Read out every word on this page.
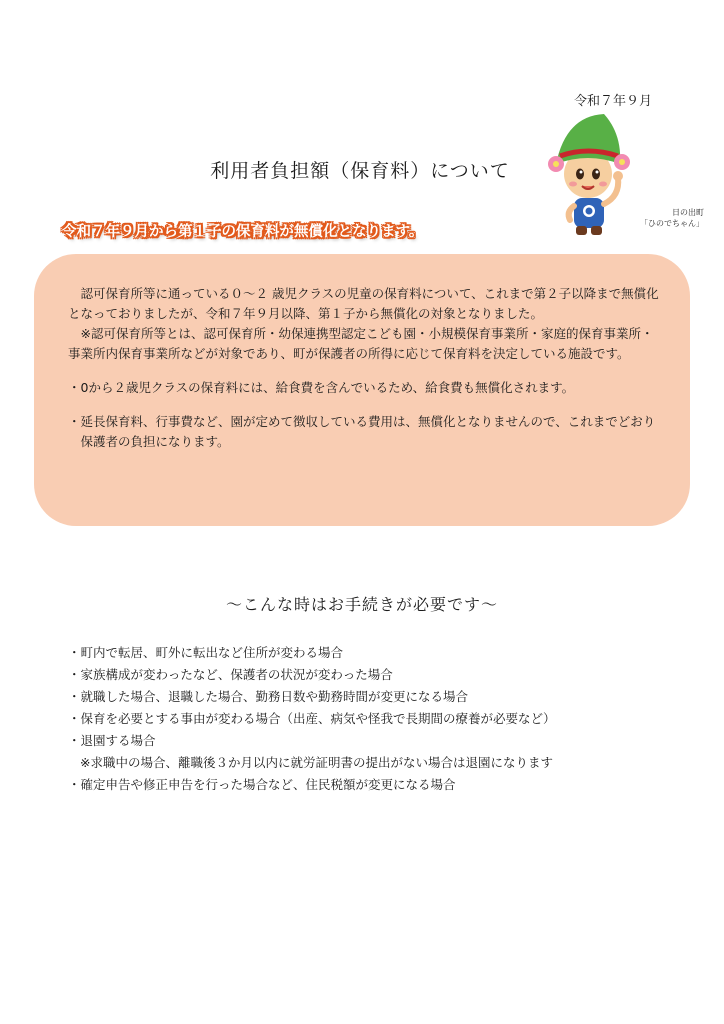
令和７年９月
利用者負担額（保育料）について
日の出町
「ひのでちゃん」
令和７年９月から第１子の保育料が無償化となります。

認可保育所等に通っている０〜２ 歳児クラスの児童の保育料について、これまで第２子以降まで無償化となっておりましたが、令和７年９月以降、第１子から無償化の対象となりました。

※認可保育所等とは、認可保育所・幼保連携型認定こども園・小規模保育事業所・家庭的保育事業所・事業所内保育事業所などが対象であり、町が保護者の所得に応じて保育料を決定している施設です。

・0から２歳児クラスの保育料には、給食費を含んでいるため、給食費も無償化されます。

・延長保育料、行事費など、園が定めて徴収している費用は、無償化となりませんので、これまでどおり保護者の負担になります。

〜こんな時はお手続きが必要です〜
・町内で転居、町外に転出など住所が変わる場合
・家族構成が変わったなど、保護者の状況が変わった場合
・就職した場合、退職した場合、勤務日数や勤務時間が変更になる場合
・保育を必要とする事由が変わる場合（出産、病気や怪我で長期間の療養が必要など）
・退園する場合
※求職中の場合、離職後３か月以内に就労証明書の提出がない場合は退園になります
・確定申告や修正申告を行った場合など、住民税額が変更になる場合
